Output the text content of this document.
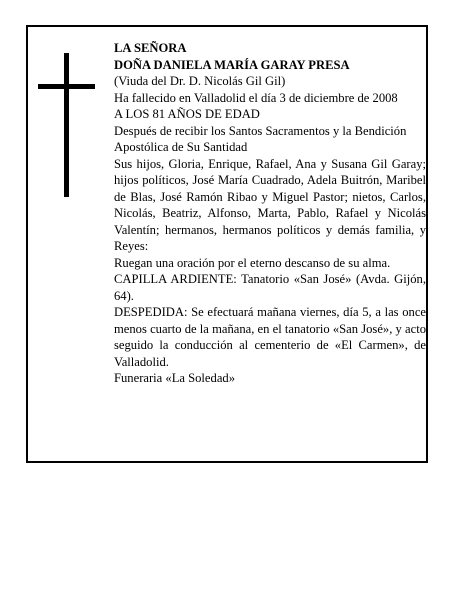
LA SEÑORA

DOÑA DANIELA MARÍA GARAY PRESA

(Viuda del Dr. D. Nicolás Gil Gil)

Ha fallecido en Valladolid el día 3 de diciembre de 2008

A LOS 81 AÑOS DE EDAD

Después de recibir los Santos Sacramentos y la Bendición Apostólica de Su Santidad

Sus hijos, Gloria, Enrique, Rafael, Ana y Susana Gil Garay; hijos políticos, José María Cuadrado, Adela Buitrón, Maribel de Blas, José Ramón Ribao y Miguel Pastor; nietos, Carlos, Nicolás, Beatriz, Alfonso, Marta, Pablo, Rafael y Nicolás Valentín; hermanos, hermanos políticos y demás familia, y Reyes:

Ruegan una oración por el eterno descanso de su alma.

CAPILLA ARDIENTE: Tanatorio «San José» (Avda. Gijón, 64).

DESPEDIDA: Se efectuará mañana viernes, día 5, a las once menos cuarto de la mañana, en el tanatorio «San José», y acto seguido la conducción al cementerio de «El Carmen», de Valladolid.

Funeraria «La Soledad»
